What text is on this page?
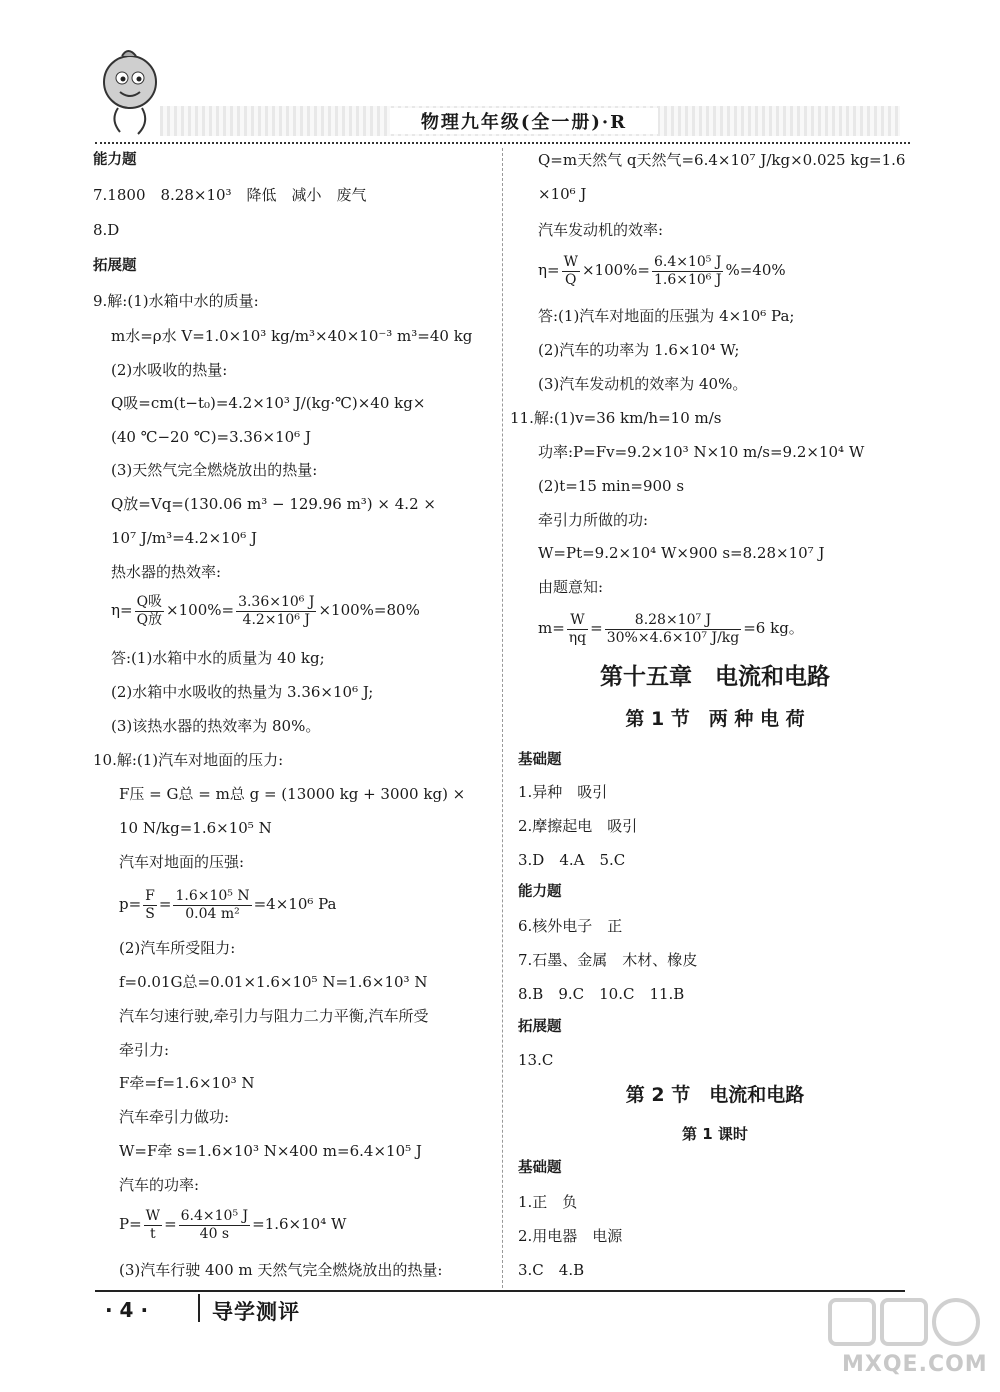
物理九年级(全一册)·R
能力题
7.1800　8.28×10³　降低　减小　废气
8.D
拓展题
9.解:(1)水箱中水的质量:
m水=ρ水 V=1.0×10³ kg/m³×40×10⁻³ m³=40 kg
(2)水吸收的热量:
Q吸=cm(t−t₀)=4.2×10³ J/(kg·℃)×40 kg×
(40 ℃−20 ℃)=3.36×10⁶ J
(3)天然气完全燃烧放出的热量:
Q放=Vq=(130.06 m³ − 129.96 m³) × 4.2 ×
10⁷ J/m³=4.2×10⁶ J
热水器的热效率:
$\eta= \frac{\text{Q吸}}{\text{Q放}} \times 100\%= \frac{\text{3.36×10⁶ J}}{\text{4.2×10⁶ J}} \times 100\%=80\%$
答:(1)水箱中水的质量为 40 kg;
(2)水箱中水吸收的热量为 3.36×10⁶ J;
(3)该热水器的热效率为 80%。
10.解:(1)汽车对地面的压力:
F压 = G总 = m总 g = (13000 kg + 3000 kg) ×
10 N/kg=1.6×10⁵ N
汽车对地面的压强:
$p= \frac{F}{S} = \frac{\text{1.6×10⁵ N}}{\text{0.04 m²}} =4\times 10^6$ Pa
(2)汽车所受阻力:
f=0.01G总=0.01×1.6×10⁵ N=1.6×10³ N
汽车匀速行驶,牵引力与阻力二力平衡,汽车所受
牵引力:
F牵=f=1.6×10³ N
汽车牵引力做功:
W=F牵 s=1.6×10³ N×400 m=6.4×10⁵ J
汽车的功率:
$P= \frac{W}{t} = \frac{\text{6.4×10⁵ J}}{40 s} =1.6\times 10^4$ W
(3)汽车行驶 400 m 天然气完全燃烧放出的热量:
Q=m天然气 q天然气=6.4×10⁷ J/kg×0.025 kg=1.6
×10⁶ J
汽车发动机的效率:
$\eta= \frac{W}{Q} \times 100\%= \frac{\text{6.4×10⁵ J}}{\text{1.6×10⁶ J}} \%=40\%$
答:(1)汽车对地面的压强为 4×10⁶ Pa;
(2)汽车的功率为 1.6×10⁴ W;
(3)汽车发动机的效率为 40%。
11.解:(1)v=36 km/h=10 m/s
功率:P=Fv=9.2×10³ N×10 m/s=9.2×10⁴ W
(2)t=15 min=900 s
牵引力所做的功:
W=Pt=9.2×10⁴ W×900 s=8.28×10⁷ J
由题意知:
$m= \frac{W}{\eta q} = \frac{\text{8.28×10⁷ J}}{\text{30\%×4.6×10⁷ J/kg}} =6$ kg。
第十五章　电流和电路
第 1 节　两 种 电 荷
基础题
1.异种　吸引
2.摩擦起电　吸引
3.D　4.A　5.C
能力题
6.核外电子　正
7.石墨、金属　木材、橡皮
8.B　9.C　10.C　11.B
拓展题
13.C
第 2 节　电流和电路
第 1 课时
基础题
1.正　负
2.用电器　电源
3.C　4.B
· 4 ·	导学测评
MXQE.COM
